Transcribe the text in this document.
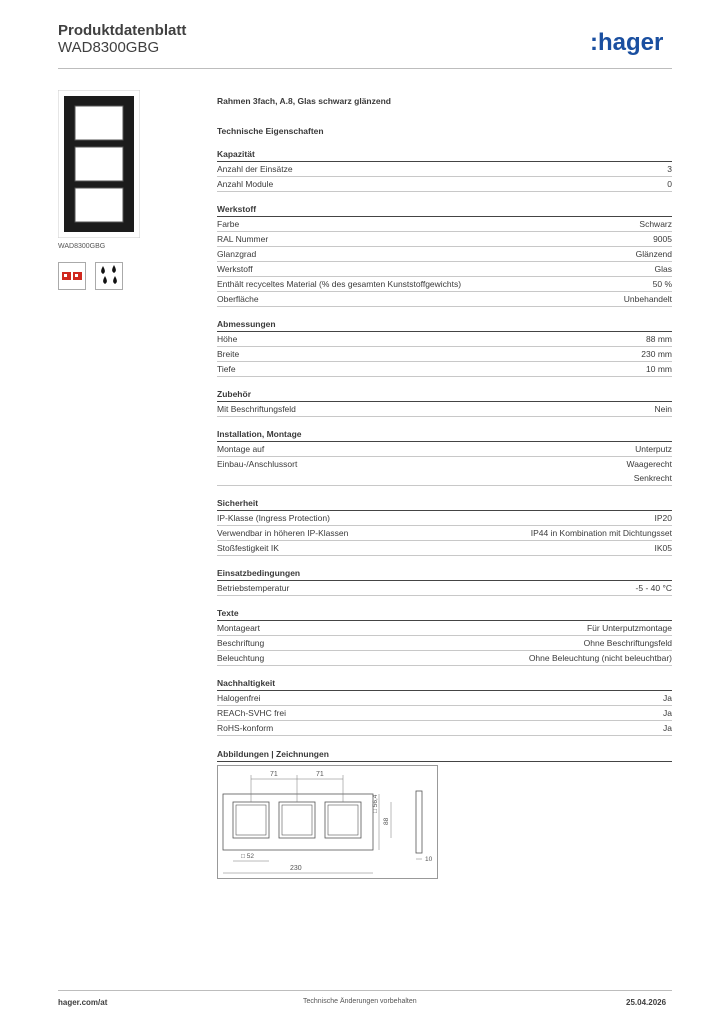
Produktdatenblatt
WAD8300GBG	:hager
WAD8300GBG
Rahmen 3fach, A.8, Glas schwarz glänzend
Technische Eigenschaften
Kapazität
Anzahl der Einsätze	3
Anzahl Module	0
Werkstoff
Farbe	Schwarz
RAL Nummer	9005
Glanzgrad	Glänzend
Werkstoff	Glas
Enthält recyceltes Material (% des gesamten Kunststoffgewichts)	50 %
Oberfläche	Unbehandelt
Abmessungen
Höhe	88 mm
Breite	230 mm
Tiefe	10 mm
Zubehör
Mit Beschriftungsfeld	Nein
Installation, Montage
Montage auf	Unterputz
Einbau-/Anschlussort	Waagerecht
Senkrecht
Sicherheit
IP-Klasse (Ingress Protection)	IP20
Verwendbar in höheren IP-Klassen	IP44 in Kombination mit Dichtungsset
Stoßfestigkeit IK	IK05
Einsatzbedingungen
Betriebstemperatur	-5 - 40 °C
Texte
Montageart	Für Unterputzmontage
Beschriftung	Ohne Beschriftungsfeld
Beleuchtung	Ohne Beleuchtung (nicht beleuchtbar)
Nachhaltigkeit
Halogenfrei	Ja
REACh-SVHC frei	Ja
RoHS-konform	Ja
Abbildungen | Zeichnungen
71	71
□ 56,4
88
□ 52
230
10
hager.com/at	Technische Änderungen vorbehalten	25.04.2026
